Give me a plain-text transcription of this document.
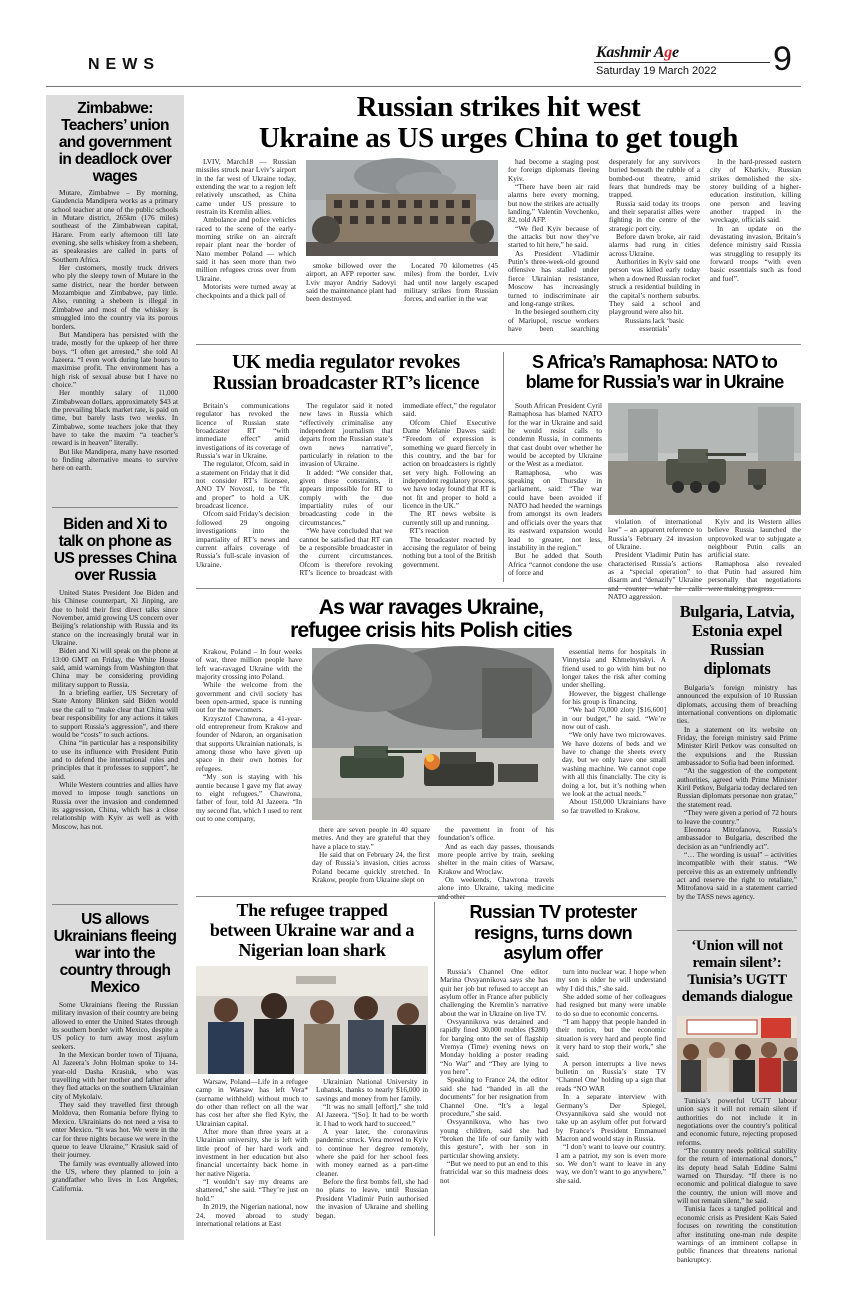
NEWS
Kashmir Age
Saturday 19 March 2022 9
Zimbabwe: Teachers’ union and government in deadlock over wages

Mutare, Zimbabwe – By morning, Gaudencia Mandipera works as a primary school teacher at one of the public schools in Mutare district, 265km (176 miles) southeast of the Zimbabwean capital, Harare. From early afternoon till late evening, she sells whiskey from a shebeen, as speakeasies are called in parts of Southern Africa.

Her customers, mostly truck drivers who ply the sleepy town of Mutare in the same district, near the border between Mozambique and Zimbabwe, pay little. Also, running a shebeen is illegal in Zimbabwe and most of the whiskey is smuggled into the country via its porous borders.

But Mandipera has persisted with the trade, mostly for the upkeep of her three boys. “I often get arrested,” she told Al Jazeera. “I even work during late hours to maximise profit. The environment has a high risk of sexual abuse but I have no choice.”

Her monthly salary of 11,000 Zimbabwean dollars, approximately $43 at the prevailing black market rate, is paid on time, but barely lasts two weeks. In Zimbabwe, some teachers joke that they have to take the maxim “a teacher’s reward is in heaven” literally.

But like Mandipera, many have resorted to finding alternative means to survive here on earth.

Biden and Xi to talk on phone as US presses China over Russia

United States President Joe Biden and his Chinese counterpart, Xi Jinping, are due to hold their first direct talks since November, amid growing US concern over Beijing’s relationship with Russia and its stance on the increasingly brutal war in Ukraine.

Biden and Xi will speak on the phone at 13:00 GMT on Friday, the White House said, amid warnings from Washington that China may be considering providing military support to Russia.

In a briefing earlier, US Secretary of State Antony Blinken said Biden would use the call to “make clear that China will bear responsibility for any actions it takes to support Russia’s aggression”, and there would be “costs” to such actions.

China “in particular has a responsibility to use its influence with President Putin and to defend the international rules and principles that it professes to support”, he said.

While Western countries and allies have moved to impose tough sanctions on Russia over the invasion and condemned its aggression, China, which has a close relationship with Kyiv as well as with Moscow, has not.

US allows Ukrainians fleeing war into the country through Mexico

Some Ukrainians fleeing the Russian military invasion of their country are being allowed to enter the United States through its southern border with Mexico, despite a US policy to turn away most asylum seekers.

In the Mexican border town of Tijuana, Al Jazeera’s John Holman spoke to 14-year-old Dasha Krasiuk, who was travelling with her mother and father after they fled attacks on the southern Ukrainian city of Mykolaiv.

They said they travelled first through Moldova, then Romania before flying to Mexico. Ukrainians do not need a visa to enter Mexico. “It was hot. We were in the car for three nights because we were in the queue to leave Ukraine,” Krasiuk said of their journey.

The family was eventually allowed into the US, where they planned to join a grandfather who lives in Los Angeles, California.

Russian strikes hit west
Ukraine as US urges China to get tough

LVIV, March18 — Russian missiles struck near Lviv’s airport in the far west of Ukraine today, extending the war to a region left relatively unscathed, as China came under US pressure to restrain its Kremlin allies.

Ambulance and police vehicles raced to the scene of the early-morning strike on an aircraft repair plant near the border of Nato member Poland — which said it has seen more than two million refugees cross over from Ukraine.

Motorists were turned away at checkpoints and a thick pall of

smoke billowed over the airport, an AFP reporter saw. Lviv mayor Andriy Sadovyi said the maintenance plant had been destroyed.

Located 70 kilometres (45 miles) from the border, Lviv had until now largely escaped military strikes from Russian forces, and earlier in the war

had become a staging post for foreign diplomats fleeing Kyiv.

“There have been air raid alarms here every morning, but now the strikes are actually landing,” Valentin Vovchenko, 82, told AFP.

“We fled Kyiv because of the attacks but now they’ve started to hit here,” he said.

As President Vladimir Putin’s three-week-old ground offensive has stalled under fierce Ukrainian resistance, Moscow has increasingly turned to indiscriminate air and long-range strikes.

In the besieged southern city of Mariupol, rescue workers have been searching desperately for any survivors buried beneath the rubble of a bombed-out theatre, amid fears that hundreds may be trapped.

Russia said today its troops and their separatist allies were fighting in the centre of the strategic port city.

Before dawn broke, air raid alarms had rung in cities across Ukraine.

Authorities in Kyiv said one person was killed early today when a downed Russian rocket struck a residential building in the capital’s northern suburbs. They said a school and playground were also hit.

Russians lack ‘basic essentials’

In the hard-pressed eastern city of Kharkiv, Russian strikes demolished the six-storey building of a higher-education institution, killing one person and leaving another trapped in the wreckage, officials said.

In an update on the devastating invasion, Britain’s defence ministry said Russia was struggling to resupply its forward troops “with even basic essentials such as food and fuel”.

UK media regulator revokes
Russian broadcaster RT’s licence

Britain’s communications regulator has revoked the licence of Russian state broadcaster RT “with immediate effect” amid investigations of its coverage of Russia’s war in Ukraine.

The regulator, Ofcom, said in a statement on Friday that it did not consider RT’s licensee, ANO TV Novosti, to be “fit and proper” to hold a UK broadcast licence.

Ofcom said Friday’s decision followed 29 ongoing investigations into the impartiality of RT’s news and current affairs coverage of Russia’s full-scale invasion of Ukraine.

The regulator said it noted new laws in Russia which “effectively criminalise any independent journalism that departs from the Russian state’s own news narrative”, particularly in relation to the invasion of Ukraine.

It added: “We consider that, given these constraints, it appears impossible for RT to comply with the due impartiality rules of our broadcasting code in the circumstances.”

“We have concluded that we cannot be satisfied that RT can be a responsible broadcaster in the current circumstances. Ofcom is therefore revoking RT’s licence to broadcast with immediate effect,” the regulator said.

Ofcom Chief Executive Dame Melanie Dawes said: “Freedom of expression is something we guard fiercely in this country, and the bar for action on broadcasters is rightly set very high. Following an independent regulatory process, we have today found that RT is not fit and proper to hold a licence in the UK.”

The RT news website is currently still up and running.

RT’s reaction

The broadcaster reacted by accusing the regulator of being nothing but a tool of the British government.

S Africa’s Ramaphosa: NATO to
blame for Russia’s war in Ukraine

South African President Cyril Ramaphosa has blamed NATO for the war in Ukraine and said he would resist calls to condemn Russia, in comments that cast doubt over whether he would be accepted by Ukraine or the West as a mediator.

Ramaphosa, who was speaking on Thursday in parliament, said: “The war could have been avoided if NATO had heeded the warnings from amongst its own leaders and officials over the years that its eastward expansion would lead to greater, not less, instability in the region.”

But he added that South Africa “cannot condone the use of force and

violation of international law” – an apparent reference to Russia’s February 24 invasion of Ukraine.

President Vladimir Putin has characterised Russia’s actions as a “special operation” to disarm and “denazify” Ukraine NATO aggression.

Kyiv and its Western allies believe Russia launched the unprovoked war to subjugate a neighbour Putin calls an artificial state.

Ramaphosa also revealed that Putin had assured him personally that negotiations

As war ravages Ukraine,
refugee crisis hits Polish cities

Krakow, Poland – In four weeks of war, three million people have left war-ravaged Ukraine with the majority crossing into Poland.

While the welcome from the government and civil society has been open-armed, space is running out for the newcomers.

Krzysztof Chawrona, a 41-year-old entrepreneur from Krakow and founder of Ndaron, an organisation that supports Ukrainian nationals, is among those who have given up space in their own homes for refugees.

“My son is staying with his auntie because I gave my flat away to eight refugees,” Chawrona, father of four, told Al Jazeera. “In my second flat, which I used to rent out to one company,

there are seven people in 40 square metres. And they are grateful that they have a place to stay.”

He said that on February 24, the first day of Russia’s invasion, cities across Poland became quickly stretched. In Krakow, people from Ukraine slept on

the pavement in front of his foundation’s office.

And as each day passes, thousands more people arrive by train, seeking shelter in the main cities of Warsaw, Krakow and Wroclaw.

On weekends, Chawrona travels alone into Ukraine, taking medicine

essential items for hospitals in Vinnytsia and Khmelnytskyi. A friend used to go with him but no longer takes the risk after coming under shelling.

However, the biggest challenge for his group is financing.

“We had 70,000 zloty [$16,600] in our budget,” he said. “We’re now out of cash.

“We only have two microwaves. We have dozens of beds and we have to change the sheets every day, but we only have one small washing machine. We cannot cope with all this financially. The city is doing a lot, but it’s nothing when we look at the actual needs.”

About 150,000 Ukrainians have so far travelled to Krakow.

Bulgaria, Latvia, Estonia expel Russian diplomats

Bulgaria’s foreign ministry has announced the expulsion of 10 Russian diplomats, accusing them of breaching international conventions on diplomatic ties.

In a statement on its website on Friday, the foreign ministry said Prime Minister Kiril Petkov was consulted on the expulsions and the Russian ambassador to Sofia had been informed.

“At the suggestion of the competent authorities, agreed with Prime Minister Kiril Petkov, Bulgaria today declared ten Russian diplomats personae non gratae,” the statement read.

“They were given a period of 72 hours to leave the country.”

Eleonora Mitrofanova, Russia’s ambassador to Bulgaria, described the decision as an “unfriendly act”.

“… The wording is usual” – activities incompatible with their status. “We perceive this as an extremely unfriendly act and reserve the right to retaliate,” Mitrofanova said in a statement carried by the TASS news agency.

‘Union will not remain silent’: Tunisia’s UGTT demands dialogue

Tunisia’s powerful UGTT labour union says it will not remain silent if authorities do not include it in negotiations over the country’s political and economic future, rejecting proposed reforms.

“The country needs political stability for the return of international donors,” its deputy head Salah Eddine Salmi warned on Thursday. “If there is no economic and political dialogue to save the country, the union will move and will not remain silent,” he said.

Tunisia faces a tangled political and economic crisis as President Kais Saied focuses on rewriting the constitution after instituting one-man rule despite warnings of an imminent collapse in public finances that threatens national bankruptcy.

The refugee trapped between Ukraine war and a Nigerian loan shark

Warsaw, Poland—Life in a refugee camp in Warsaw has left Vera* (surname withheld) without much to do other than reflect on all the war has cost her after she fled Kyiv, the Ukrainian capital.

After more than three years at a Ukrainian university, she is left with little proof of her hard work and investment in her education but also financial uncertainty back home in her native Nigeria.

“I wouldn’t say my dreams are shattered,” she said. “They’re just on hold.”

In 2019, the Nigerian national, now 24, moved abroad to study international relations at East

Ukrainian National University in Luhansk, thanks to nearly $16,000 in savings and money from her family.

“It was no small [effort],” she told Al Jazeera. “[So]. It had to be worth it. I had to work hard to succeed.”

A year later, the coronavirus pandemic struck. Vera moved to Kyiv to continue her degree remotely, where she paid for her school fees with money earned as a part-time cleaner.

Before the first bombs fell, she had no plans to leave, until Russian President Vladimir Putin authorised the invasion of Ukraine and shelling began.

Russian TV protester resigns, turns down asylum offer

Russia’s Channel One editor Marina Ovsyannikova says she has quit her job but refused to accept an asylum offer in France after publicly challenging the Kremlin’s narrative about the war in Ukraine on live TV.

Ovsyannikova was detained and rapidly fined 30,000 roubles ($280) for barging onto the set of flagship Vremya (Time) evening news on Monday holding a poster reading “No War” and “They are lying to you here”.

Speaking to France 24, the editor said she had “handed in all the documents” for her resignation from Channel One. “It’s a legal procedure,” she said.

Ovsyannikova, who has two young children, said she had “broken the life of our family with this gesture”, with her son in particular showing anxiety.

“But we need to put an end to this fratricidal war so this madness does not

turn into nuclear war. I hope when my son is older he will understand why I did this,” she said.

She added some of her colleagues had resigned but many were unable to do so due to economic concerns.

“I am happy that people handed in their notice, but the economic situation is very hard and people find it very hard to stop their work,” she said.

A person interrupts a live news bulletin on Russia’s state TV ‘Channel One’ holding up a sign that reads “NO WAR

In a separate interview with Germany’s Der Spiegel, Ovsyannikova said she would not take up an asylum offer put forward by France’s President Emmanuel Macron and would stay in Russia.

“I don’t want to leave our country. I am a patriot, my son is even more so. We don’t want to leave in any way, we don’t want to go anywhere,” she said.
